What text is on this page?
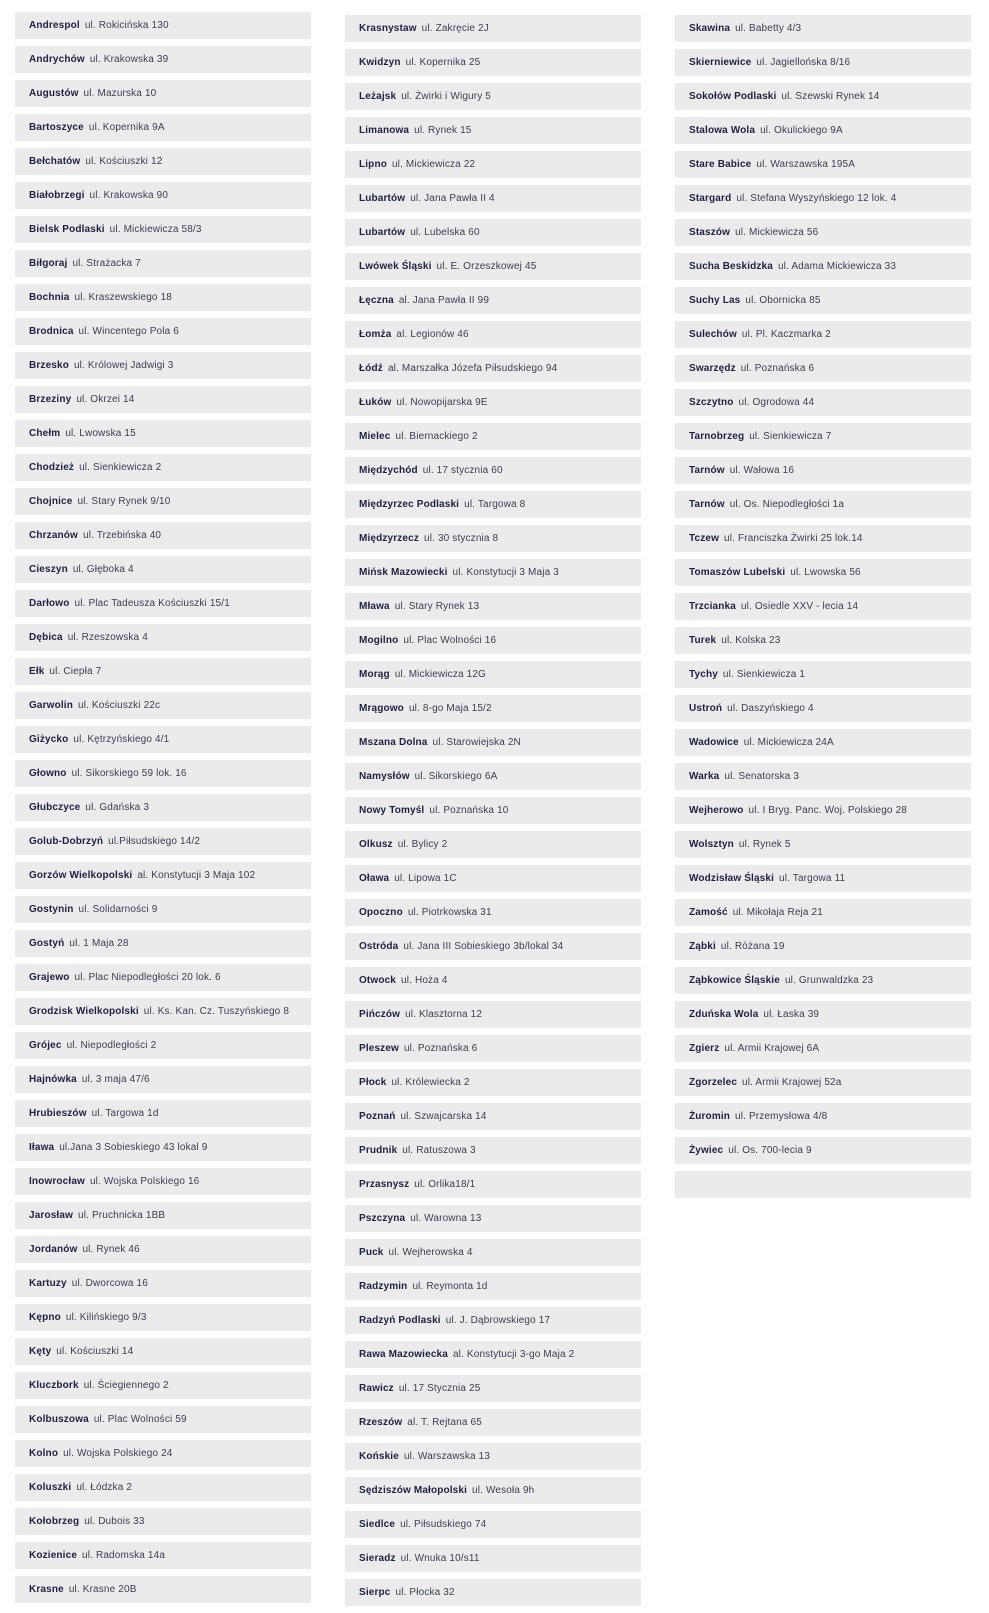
Andrespol ul. Rokicińska 130
Andrychów ul. Krakowska 39
Augustów ul. Mazurska 10
Bartoszyce ul. Kopernika 9A
Bełchatów ul. Kościuszki 12
Białobrzegi ul. Krakowska 90
Bielsk Podlaski ul. Mickiewicza 58/3
Biłgoraj ul. Strażacka 7
Bochnia ul. Kraszewskiego 18
Brodnica ul. Wincentego Pola 6
Brzesko ul. Królowej Jadwigi 3
Brzeziny ul. Okrzei 14
Chełm ul. Lwowska 15
Chodzież ul. Sienkiewicza 2
Chojnice ul. Stary Rynek 9/10
Chrzanów ul. Trzebińska 40
Cieszyn ul. Głęboka 4
Darłowo ul. Plac Tadeusza Kościuszki 15/1
Dębica ul. Rzeszowska 4
Ełk ul. Ciepła 7
Garwolin ul. Kościuszki 22c
Giżycko ul. Kętrzyńskiego 4/1
Głowno ul. Sikorskiego 59 lok. 16
Głubczyce ul. Gdańska 3
Golub-Dobrzyń ul.Piłsudskiego 14/2
Gorzów Wielkopolski al. Konstytucji 3 Maja 102
Gostynin ul. Solidarności 9
Gostyń ul. 1 Maja 28
Grajewo ul. Plac Niepodległości 20 lok. 6
Grodzisk Wielkopolski ul. Ks. Kan. Cz. Tuszyńskiego 8
Grójec ul. Niepodległości 2
Hajnówka ul. 3 maja 47/6
Hrubieszów ul. Targowa 1d
Iława ul.Jana 3 Sobieskiego 43 lokal 9
Inowrocław ul. Wojska Polskiego 16
Jarosław ul. Pruchnicka 1BB
Jordanów ul. Rynek 46
Kartuzy ul. Dworcowa 16
Kępno ul. Kilińskiego 9/3
Kęty ul. Kościuszki 14
Kluczbork ul. Ściegiennego 2
Kolbuszowa ul. Plac Wolności 59
Kolno ul. Wojska Polskiego 24
Koluszki ul. Łódzka 2
Kołobrzeg ul. Dubois 33
Kozienice ul. Radomska 14a
Krasne ul. Krasne 20B
Krasnystaw ul. Zakręcie 2J
Kwidzyn ul. Kopernika 25
Leżajsk ul. Żwirki i Wigury 5
Limanowa ul. Rynek 15
Lipno ul. Mickiewicza 22
Lubartów ul. Jana Pawła II 4
Lubartów ul. Lubelska 60
Lwówek Śląski ul. E. Orzeszkowej 45
Łęczna al. Jana Pawła II 99
Łomża al. Legionów 46
Łódź al. Marszałka Józefa Piłsudskiego 94
Łuków ul. Nowopijarska 9E
Mielec ul. Biernackiego 2
Międzychód ul. 17 stycznia 60
Międzyrzec Podlaski ul. Targowa 8
Międzyrzecz ul. 30 stycznia 8
Mińsk Mazowiecki ul. Konstytucji 3 Maja 3
Mława ul. Stary Rynek 13
Mogilno ul. Plac Wolności 16
Morąg ul. Mickiewicza 12G
Mrągowo ul. 8-go Maja 15/2
Mszana Dolna ul. Starowiejska 2N
Namysłów ul. Sikorskiego 6A
Nowy Tomyśl ul. Poznańska 10
Olkusz ul. Bylicy 2
Oława ul. Lipowa 1C
Opoczno ul. Piotrkowska 31
Ostróda ul. Jana III Sobieskiego 3b/lokal 34
Otwock ul. Hoża 4
Pińczów ul. Klasztorna 12
Pleszew ul. Poznańska 6
Płock ul. Królewiecka 2
Poznań ul. Szwajcarska 14
Prudnik ul. Ratuszowa 3
Przasnysz ul. Orlika18/1
Pszczyna ul. Warowna 13
Puck ul. Wejherowska 4
Radzymin ul. Reymonta 1d
Radzyń Podlaski ul. J. Dąbrowskiego 17
Rawa Mazowiecka al. Konstytucji 3-go Maja 2
Rawicz ul. 17 Stycznia 25
Rzeszów al. T. Rejtana 65
Końskie ul. Warszawska 13
Sędziszów Małopolski ul. Wesoła 9h
Siedlce ul. Piłsudskiego 74
Sieradz ul. Wnuka 10/s11
Sierpc ul. Płocka 32
Skawina ul. Babetty 4/3
Skierniewice ul. Jagiellońska 8/16
Sokołów Podlaski ul. Szewski Rynek 14
Stalowa Wola ul. Okulickiego 9A
Stare Babice ul. Warszawska 195A
Stargard ul. Stefana Wyszyńskiego 12 lok. 4
Staszów ul. Mickiewicza 56
Sucha Beskidzka ul. Adama Mickiewicza 33
Suchy Las ul. Obornicka 85
Sulechów ul. Pl. Kaczmarka 2
Swarzędz ul. Poznańska 6
Szczytno ul. Ogrodowa 44
Tarnobrzeg ul. Sienkiewicza 7
Tarnów ul. Wałowa 16
Tarnów ul. Os. Niepodległości 1a
Tczew ul. Franciszka Żwirki 25 lok.14
Tomaszów Lubelski ul. Lwowska 56
Trzcianka ul. Osiedle XXV - lecia 14
Turek ul. Kolska 23
Tychy ul. Sienkiewicza 1
Ustroń ul. Daszyńskiego 4
Wadowice ul. Mickiewicza 24A
Warka ul. Senatorska 3
Wejherowo ul. I Bryg. Panc. Woj. Polskiego 28
Wolsztyn ul. Rynek 5
Wodzisław Śląski ul. Targowa 11
Zamość ul. Mikołaja Reja 21
Ząbki ul. Różana 19
Ząbkowice Śląskie ul. Grunwaldzka 23
Zduńska Wola ul. Łaska 39
Zgierz ul. Armii Krajowej 6A
Zgorzelec ul. Armii Krajowej 52a
Żuromin ul. Przemysłowa 4/8
Żywiec ul. Os. 700-lecia 9
